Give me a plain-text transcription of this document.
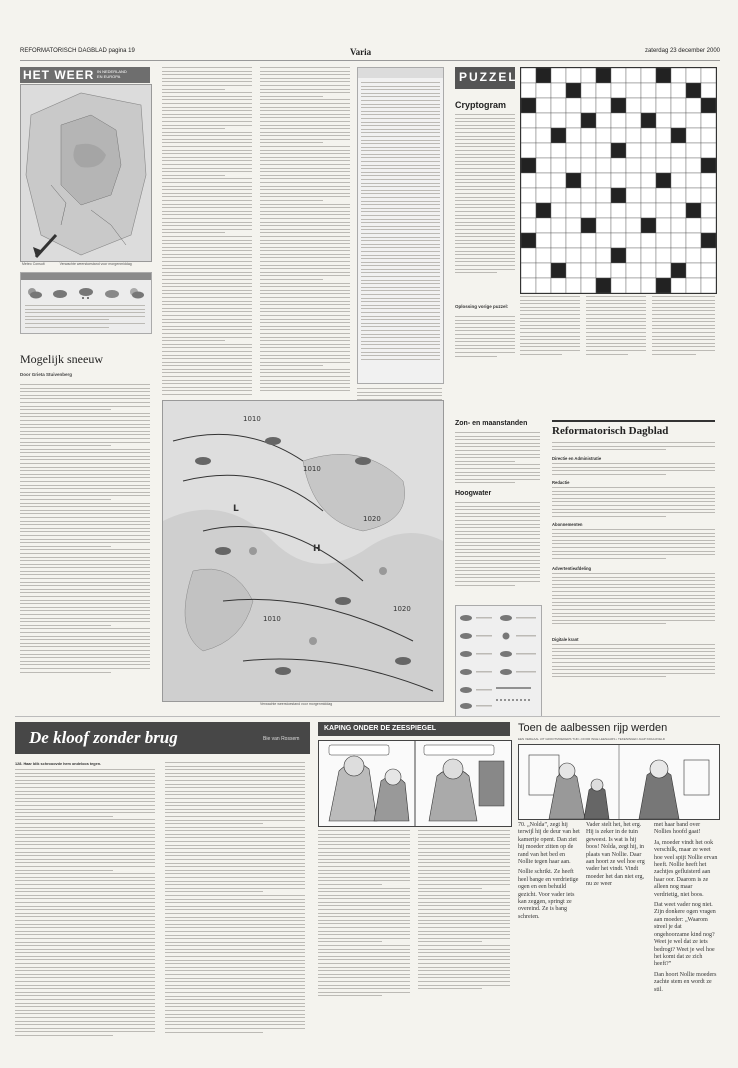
REFORMATORISCH DAGBLAD pagina 19	Varia	zaterdag 23 december 2000
HET WEER IN NEDERLAND
EN EUROPA
Meteo Consult	Verwachte weerstoestand voor morgenmiddag
Mogelijk sneeuw
Door Grieta Stuivenberg
1010
1010
1020
H
L
1020
1010
Verwachte weerstoestand voor morgenmiddag
Zon- en maanstanden
Hoogwater
PUZZEL
Cryptogram
Oplossing vorige puzzel:
Reformatorisch Dagblad
Directie en Administratie
Redactie
Abonnementen
Advertentieafdeling
Digitale krant
De kloof zonder brug	Bie van Rossem
128. Haar blik schrooovde hem ondeloos tegen.
KAPING ONDER DE ZEESPIEGEL	Toen de aalbessen rijp werden
EEN VERHAAL UIT GROOTMOEDERS TIJD • DOOR INGE LEENAARS • TEKENINGEN JAAP KRAAIJVELD

70. „Nolda”, zegt hij terwijl hij de deur van het kamertje opent. Dan ziet hij moeder zitten op de rand van het bed en Nollie tegen haar aan.

Nollie schrikt. Ze heeft heel bange en verdrietige ogen en een behuild gezicht. Voor vader iets kan zeggen, springt ze overeind. Ze is bang schreien.

Vader stelt het, het erg. Hij is zeker in de tuin geweest. Is wat is hij boos! Nolda, zegt hij, in plaats van Nollie. Daar aan hoort ze wel hoe erg vader het vindt. Vindt moeder het dan niet erg, nu ze weer

met haar band over Nollies hoofd gaat!

Ja, moeder vindt het ook verschilk, maar ze weet hoe veel spijt Nollie ervan heeft. Nollie heeft het zachtjes gefluisterd aan haar oor. Daarom is ze alleen nog maar verdrietig, niet boos.

Dat weet vader nog niet. Zijn donkere ogen vragen aan moeder: „Waarom streel je dat ongehoorzame kind nog? Weet je wel dat ze iets bedrogt? Weet je wel hoe het komt dat ze zich heeft?”

Dan hoort Nollie moeders zachte stem en wordt ze stil.
